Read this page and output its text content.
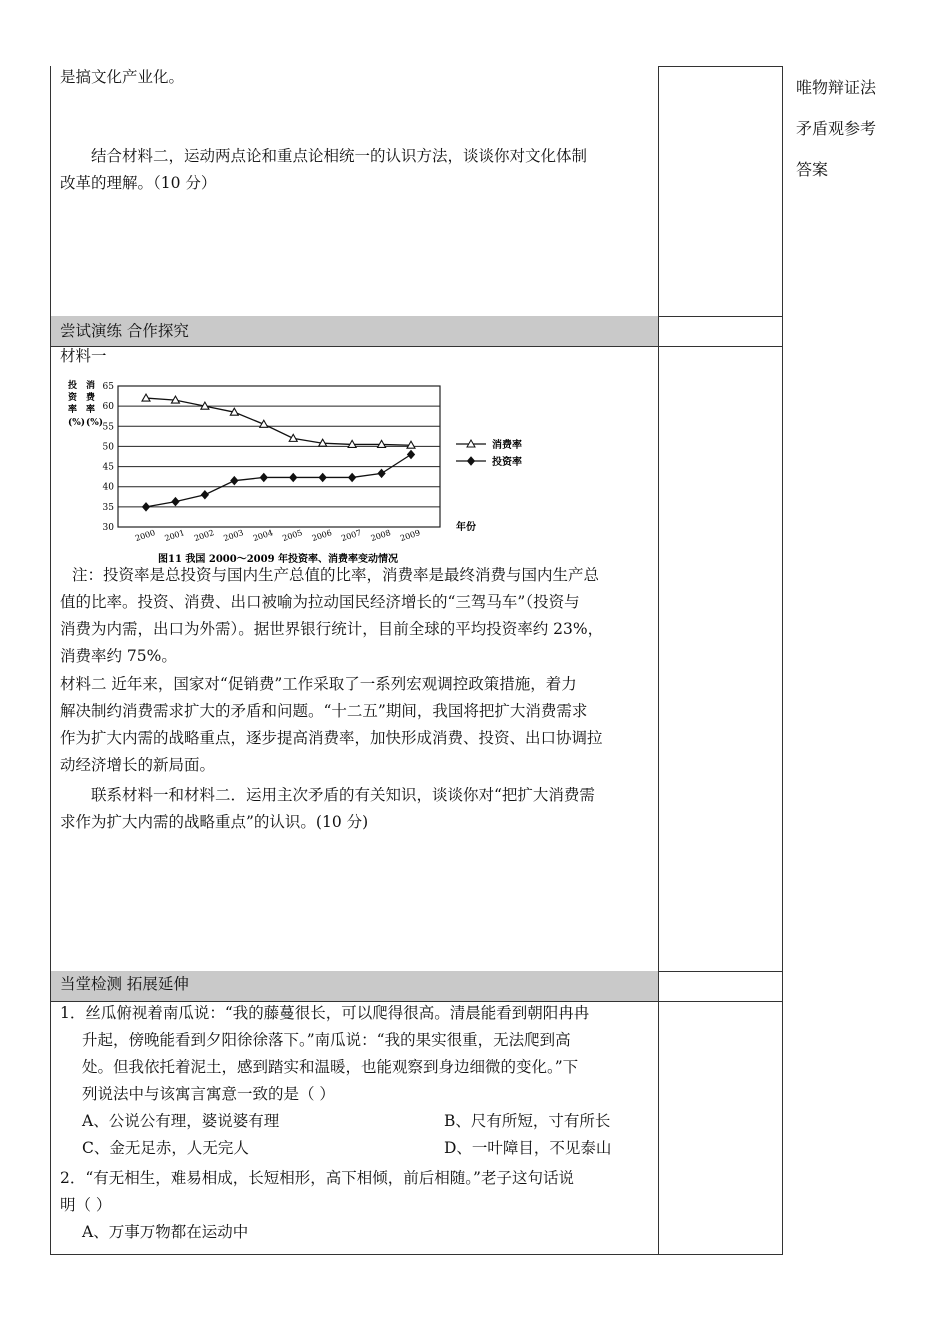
唯物辩证法
矛盾观参考
答案

是搞文化产业化。

结合材料二，运动两点论和重点论相统一的认识方法，谈谈你对文化体制

改革的理解。（10 分）

尝试演练 合作探究
材料一
投
资
率
(%)
消
费
率
(%)
30
35
40
45
50
55
60
65
2000 2001 2002 2003 2004 2005 2006 2007 2008 2009
消费率
投资率
年份
图11 我国 2000～2009 年投资率、消费率变动情况

注：投资率是总投资与国内生产总值的比率，消费率是最终消费与国内生产总

值的比率。投资、消费、出口被喻为拉动国民经济增长的“三驾马车”（投资与

消费为内需，出口为外需）。据世界银行统计，目前全球的平均投资率约 23%，

消费率约 75%。

材料二 近年来，国家对“促销费”工作采取了一系列宏观调控政策措施，着力

解决制约消费需求扩大的矛盾和问题。“十二五”期间，我国将把扩大消费需求

作为扩大内需的战略重点，逐步提高消费率，加快形成消费、投资、出口协调拉

动经济增长的新局面。

联系材料一和材料二．运用主次矛盾的有关知识，谈谈你对“把扩大消费需

求作为扩大内需的战略重点”的认识。(10 分)

当堂检测 拓展延伸

1．丝瓜俯视着南瓜说：“我的藤蔓很长，可以爬得很高。清晨能看到朝阳冉冉

升起，傍晚能看到夕阳徐徐落下。”南瓜说：“我的果实很重，无法爬到高

处。但我依托着泥土，感到踏实和温暖，也能观察到身边细微的变化。”下

列说法中与该寓言寓意一致的是（ ）

A、公说公有理，婆说婆有理	B、尺有所短，寸有所长
C、金无足赤，人无完人	D、一叶障目，不见泰山

2．“有无相生，难易相成，长短相形，高下相倾，前后相随。”老子这句话说

明（ ）

A、万事万物都在运动中
